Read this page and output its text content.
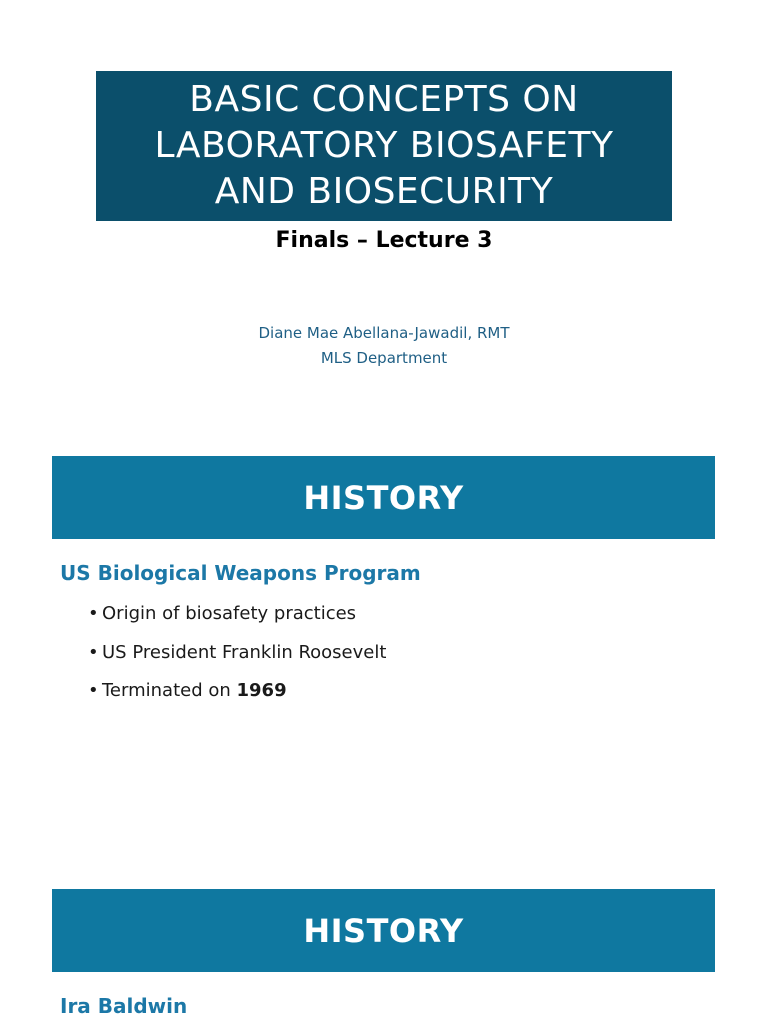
BASIC CONCEPTS ON
LABORATORY BIOSAFETY
AND BIOSECURITY
Finals – Lecture 3
Diane Mae Abellana-Jawadil, RMT
MLS Department
HISTORY
US Biological Weapons Program
• Origin of biosafety practices
• US President Franklin Roosevelt
• Terminated on 1969
HISTORY
Ira Baldwin
